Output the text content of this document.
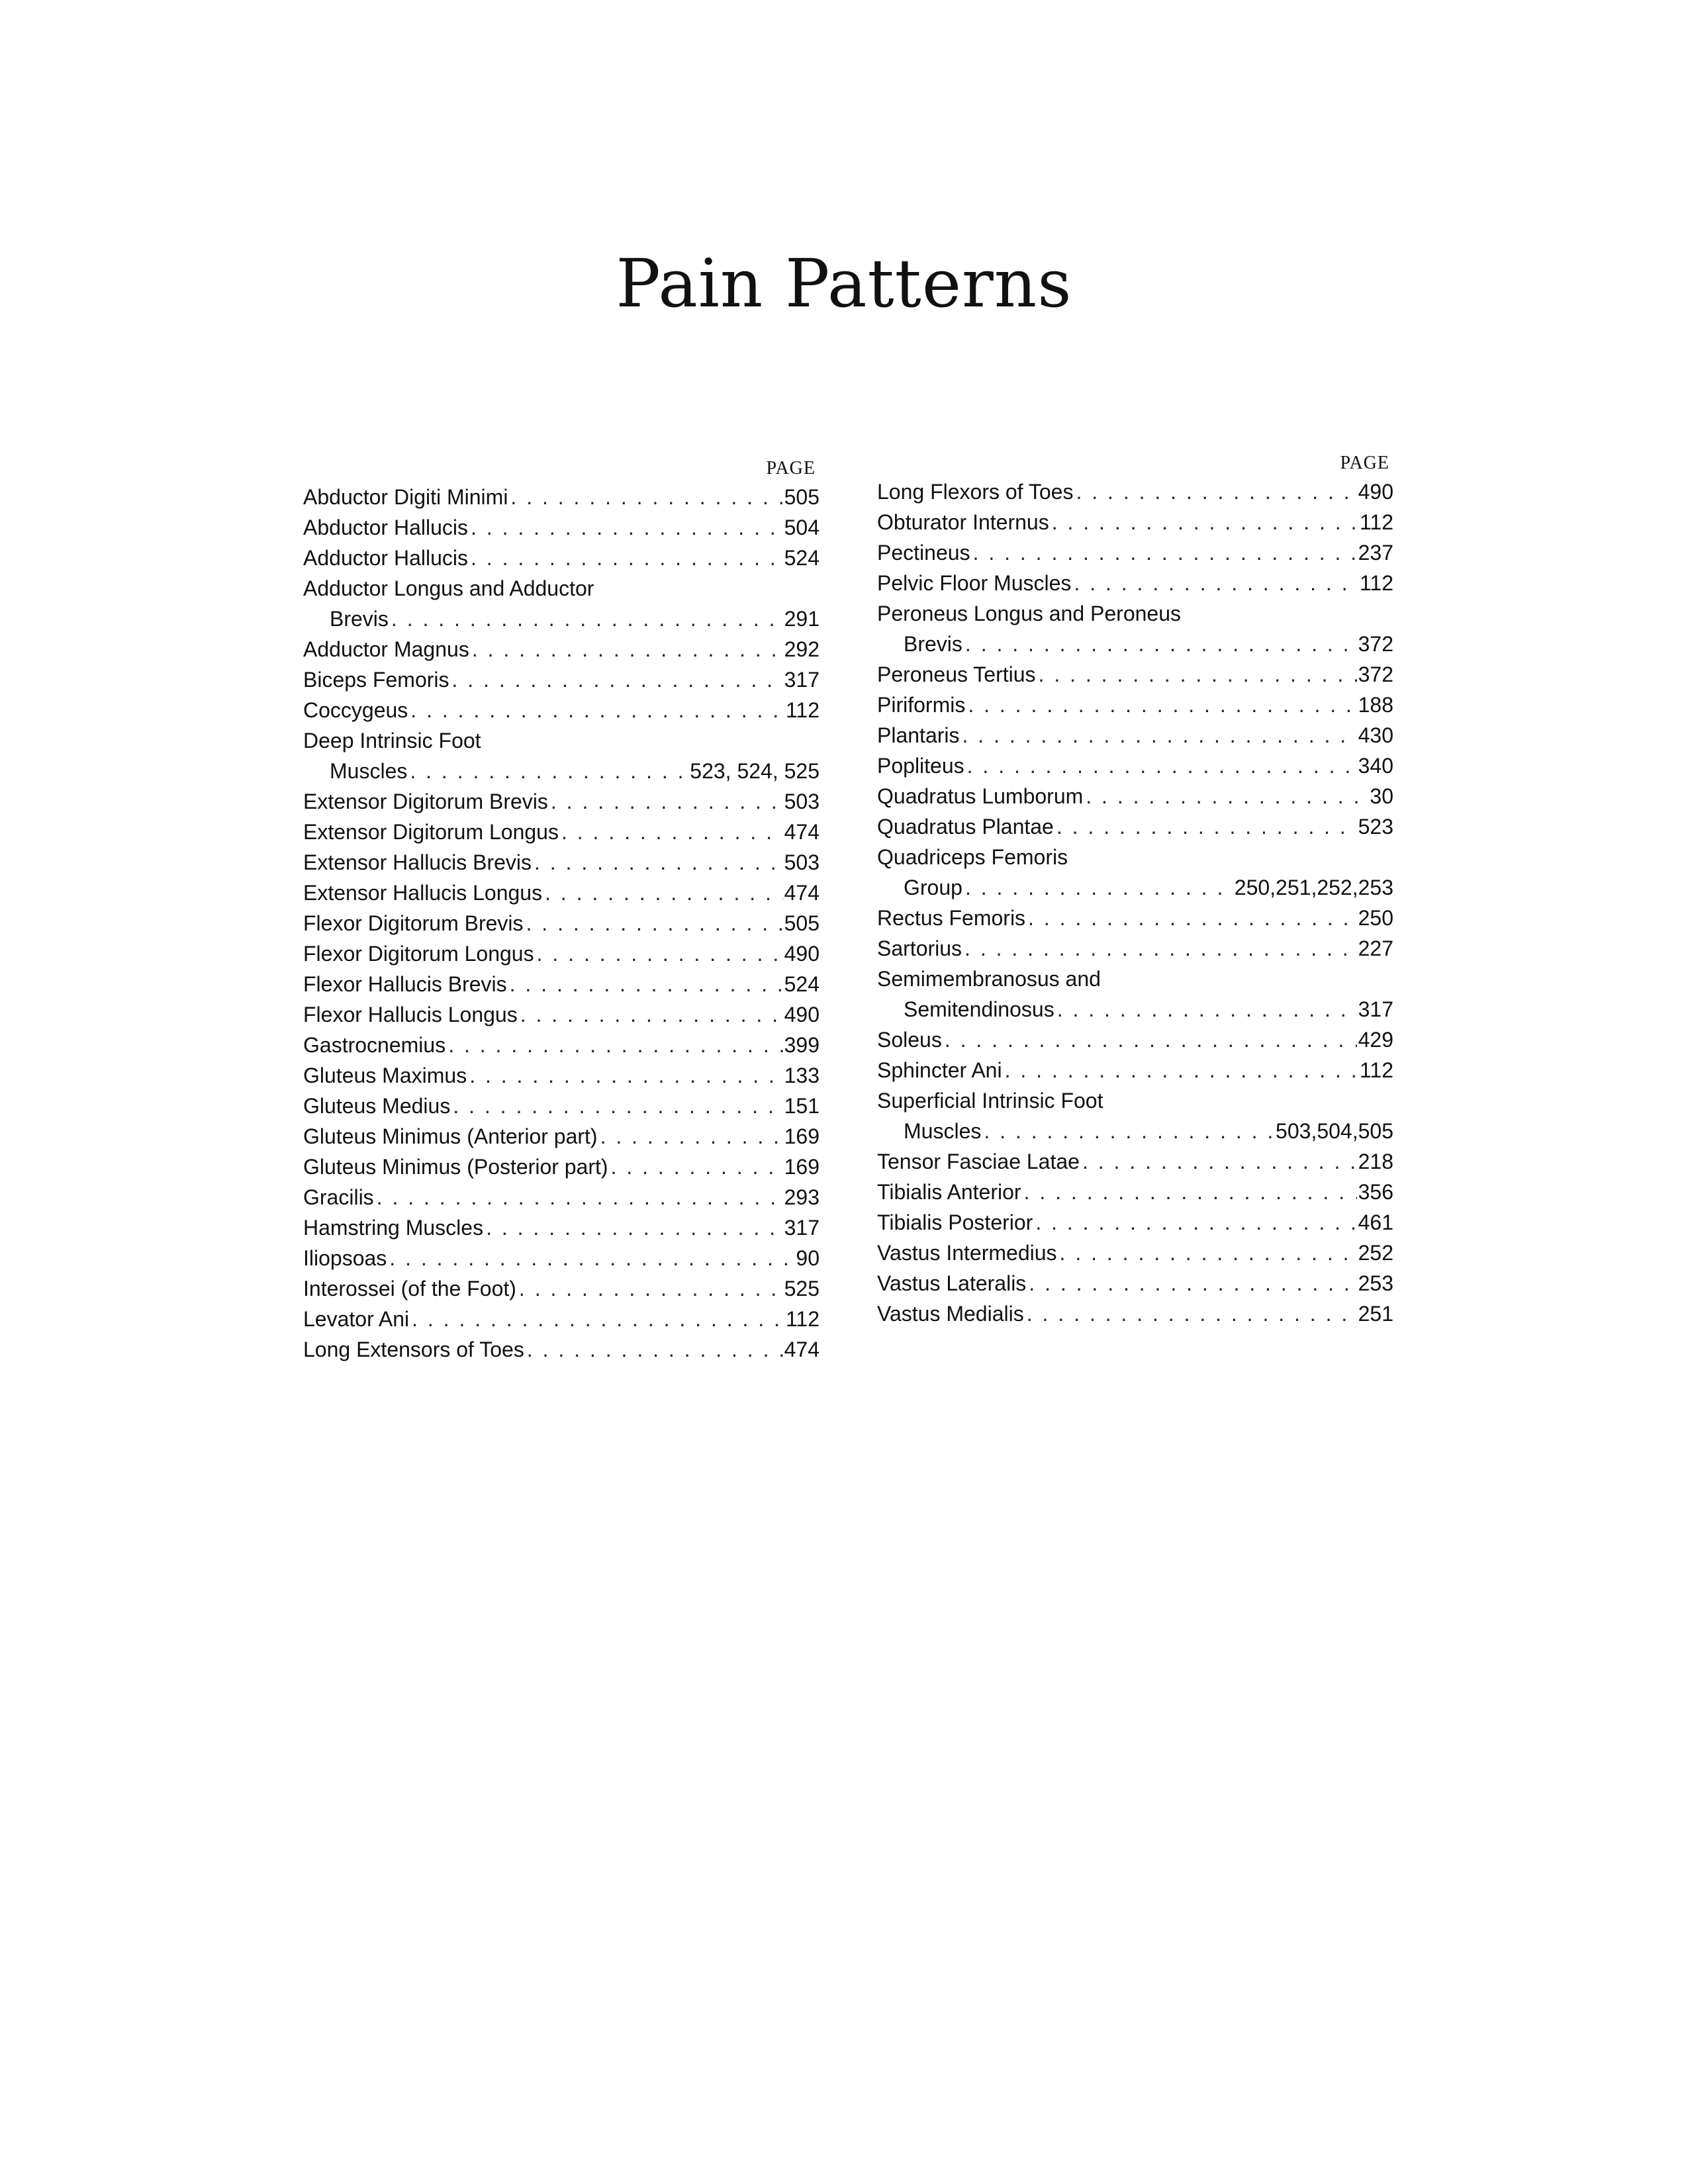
Pain Patterns
PAGE
Abductor Digiti Minimi . . .	505
Abductor Hallucis . . .	504
Adductor Hallucis . . .	524
Adductor Longus and Adductor
Brevis . . .	291
Adductor Magnus . . .	292
Biceps Femoris . . .	317
Coccygeus . . .	112
Deep Intrinsic Foot
Muscles . . .	523, 524, 525
Extensor Digitorum Brevis . . .	503
Extensor Digitorum Longus . . .	474
Extensor Hallucis Brevis . . .	503
Extensor Hallucis Longus . . .	474
Flexor Digitorum Brevis . . .	505
Flexor Digitorum Longus . . .	490
Flexor Hallucis Brevis . . .	524
Flexor Hallucis Longus . . .	490
Gastrocnemius . . .	399
Gluteus Maximus . . .	133
Gluteus Medius . . .	151
Gluteus Minimus (Anterior part) . . .	169
Gluteus Minimus (Posterior part) . . .	169
Gracilis . . .	293
Hamstring Muscles . . .	317
Iliopsoas . . .	90
Interossei (of the Foot) . . .	525
Levator Ani . . .	112
Long Extensors of Toes . . .	474
PAGE
Long Flexors of Toes . . .	490
Obturator Internus . . .	112
Pectineus . . .	237
Pelvic Floor Muscles . . .	112
Peroneus Longus and Peroneus
Brevis . . .	372
Peroneus Tertius . . .	372
Piriformis . . .	188
Plantaris . . .	430
Popliteus . . .	340
Quadratus Lumborum . . .	30
Quadratus Plantae . . .	523
Quadriceps Femoris
Group . . .	250,251,252,253
Rectus Femoris . . .	250
Sartorius . . .	227
Semimembranosus and
Semitendinosus . . .	317
Soleus . . .	429
Sphincter Ani . . .	112
Superficial Intrinsic Foot
Muscles . . .	503,504,505
Tensor Fasciae Latae . . .	218
Tibialis Anterior . . .	356
Tibialis Posterior . . .	461
Vastus Intermedius . . .	252
Vastus Lateralis . . .	253
Vastus Medialis . . .	251
